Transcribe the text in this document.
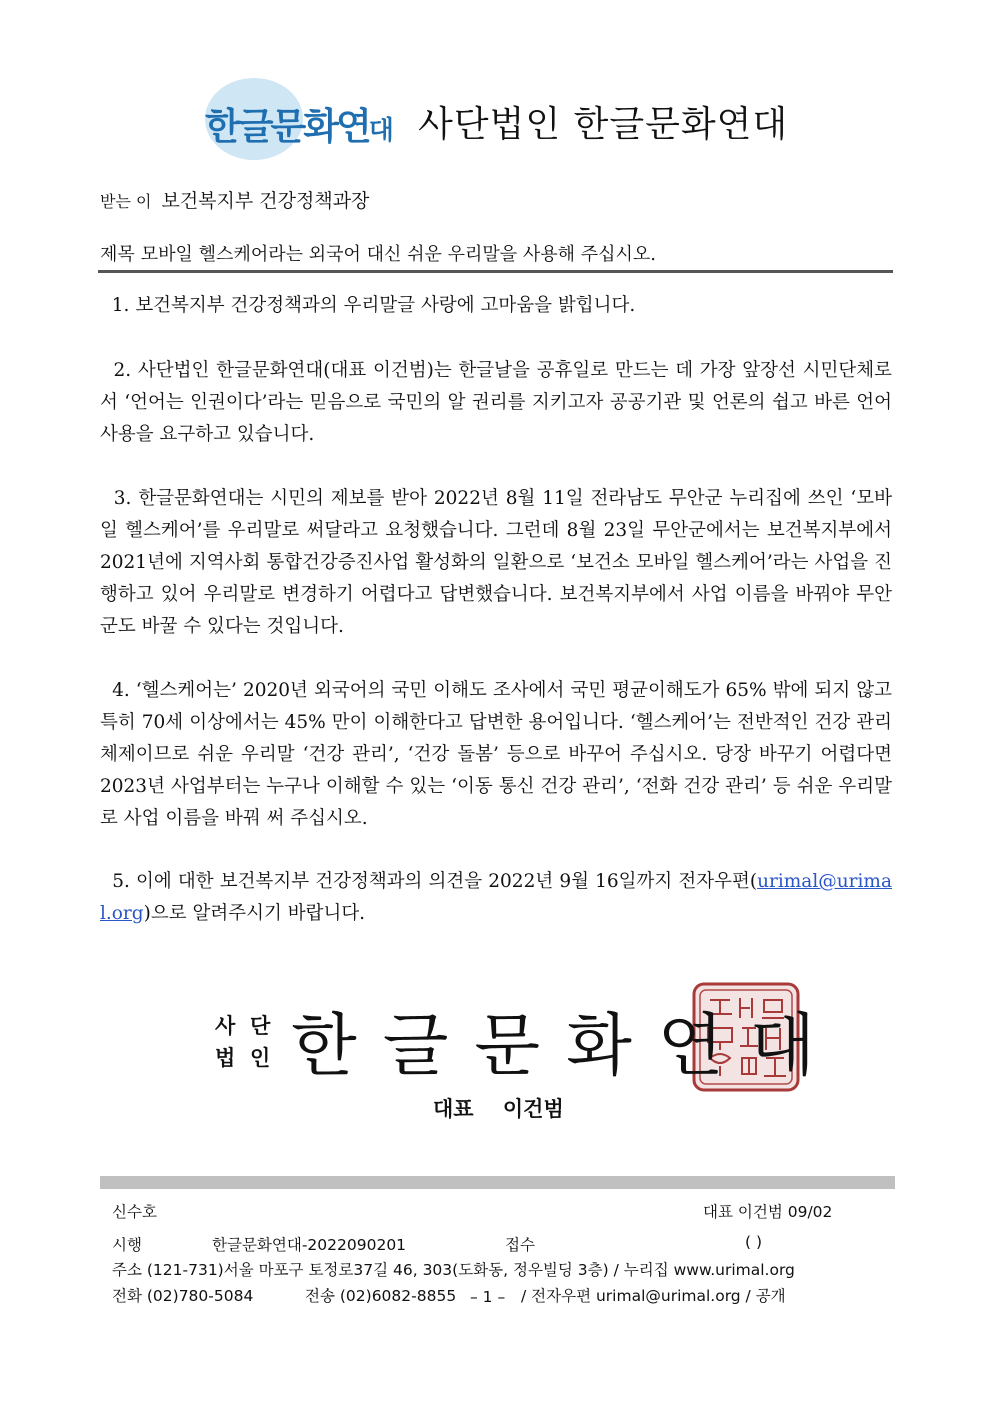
한글문화연대 사단법인 한글문화연대
받는 이 보건복지부 건강정책과장
제목 모바일 헬스케어라는 외국어 대신 쉬운 우리말을 사용해 주십시오.
1. 보건복지부 건강정책과의 우리말글 사랑에 고마움을 밝힙니다.
2. 사단법인 한글문화연대(대표 이건범)는 한글날을 공휴일로 만드는 데 가장 앞장선 시민단체로서 ‘언어는 인권이다’라는 믿음으로 국민의 알 권리를 지키고자 공공기관 및 언론의 쉽고 바른 언어 사용을 요구하고 있습니다.
3. 한글문화연대는 시민의 제보를 받아 2022년 8월 11일 전라남도 무안군 누리집에 쓰인 ‘모바일 헬스케어’를 우리말로 써달라고 요청했습니다. 그런데 8월 23일 무안군에서는 보건복지부에서 2021년에 지역사회 통합건강증진사업 활성화의 일환으로 ‘보건소 모바일 헬스케어’라는 사업을 진행하고 있어 우리말로 변경하기 어렵다고 답변했습니다. 보건복지부에서 사업 이름을 바꿔야 무안군도 바꿀 수 있다는 것입니다.
4. ‘헬스케어는’ 2020년 외국어의 국민 이해도 조사에서 국민 평균이해도가 65% 밖에 되지 않고 특히 70세 이상에서는 45% 만이 이해한다고 답변한 용어입니다. ‘헬스케어’는 전반적인 건강 관리 체제이므로 쉬운 우리말 ‘건강 관리’, ‘건강 돌봄’ 등으로 바꾸어 주십시오. 당장 바꾸기 어렵다면 2023년 사업부터는 누구나 이해할 수 있는 ‘이동 통신 건강 관리’, ‘전화 건강 관리’ 등 쉬운 우리말로 사업 이름을 바꿔 써 주십시오.
5. 이에 대한 보건복지부 건강정책과의 의견을 2022년 9월 16일까지 전자우편(urimal@urimal.org)으로 알려주시기 바랍니다.
사 단
법 인 한글문화연대
대표 이건범
신수호	대표 이건범 09/02
시행	한글문화연대-2022090201	접수	( )
주소 (121-731)서울 마포구 토정로37길 46, 303(도화동, 정우빌딩 3층) / 누리집 www.urimal.org
전화 (02)780-5084	전송 (02)6082-8855 – 1 – / 전자우편 urimal@urimal.org / 공개
